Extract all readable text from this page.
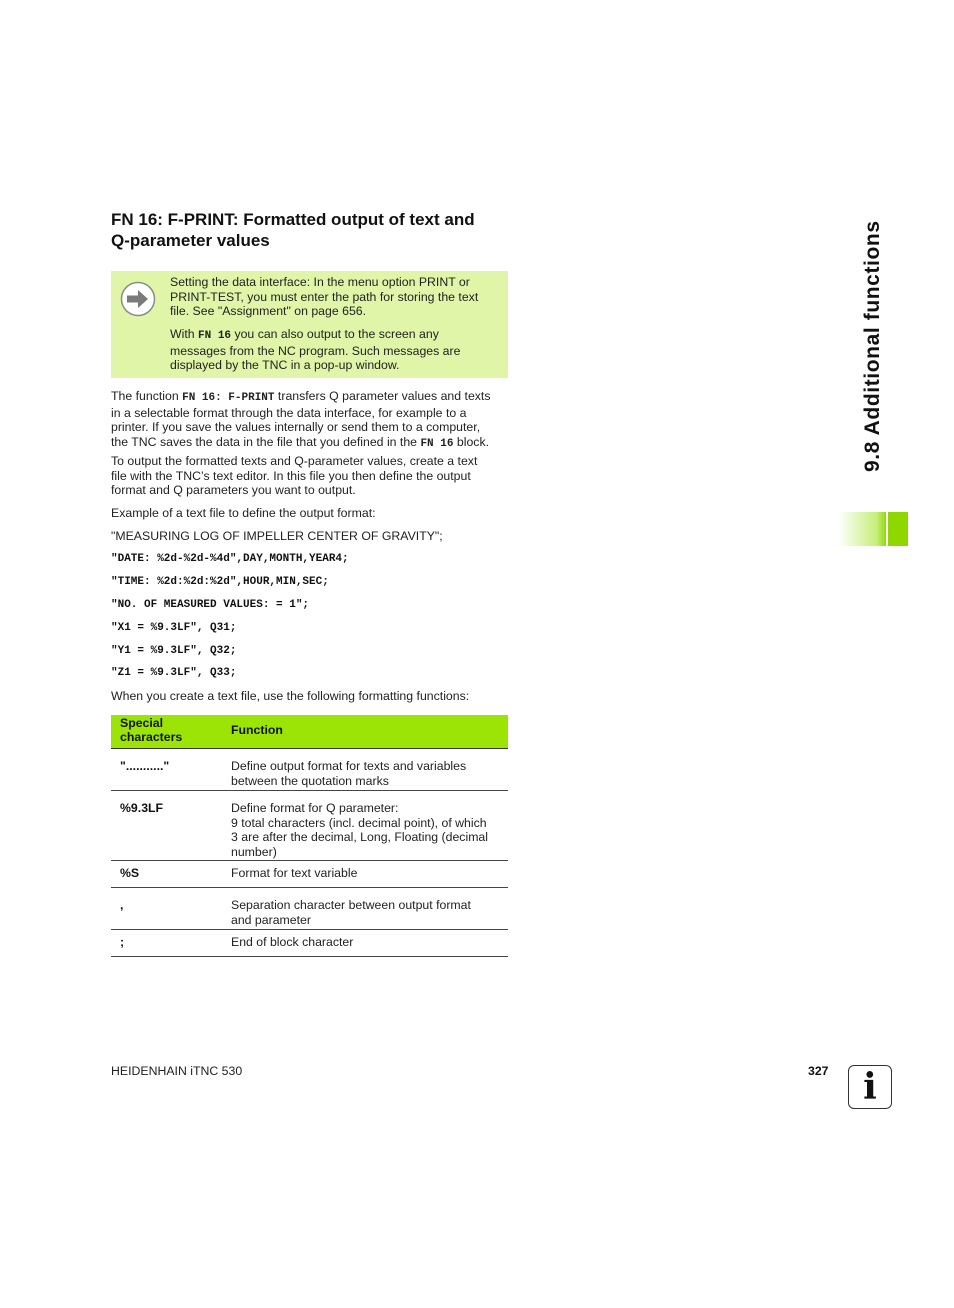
FN 16: F-PRINT: Formatted output of text and
Q-parameter values
Setting the data interface: In the menu option PRINT or
PRINT-TEST, you must enter the path for storing the text
file. See "Assignment" on page 656.
With FN 16 you can also output to the screen any
messages from the NC program. Such messages are
displayed by the TNC in a pop-up window.
The function FN 16: F-PRINT transfers Q parameter values and texts
in a selectable format through the data interface, for example to a
printer. If you save the values internally or send them to a computer,
the TNC saves the data in the file that you defined in the FN 16 block.
To output the formatted texts and Q-parameter values, create a text
file with the TNC’s text editor. In this file you then define the output
format and Q parameters you want to output.
Example of a text file to define the output format:
"MEASURING LOG OF IMPELLER CENTER OF GRAVITY";
"DATE: %2d-%2d-%4d",DAY,MONTH,YEAR4;
"TIME: %2d:%2d:%2d",HOUR,MIN,SEC;
"NO. OF MEASURED VALUES: = 1";
"X1 = %9.3LF", Q31;
"Y1 = %9.3LF", Q32;
"Z1 = %9.3LF", Q33;
When you create a text file, use the following formatting functions:
Special
characters	Function
"..........."	Define output format for texts and variables
between the quotation marks
%9.3LF	Define format for Q parameter:
9 total characters (incl. decimal point), of which
3 are after the decimal, Long, Floating (decimal
number)
%S	Format for text variable
,	Separation character between output format
and parameter
;	End of block character
9.8 Additional functions
HEIDENHAIN iTNC 530	327 i
